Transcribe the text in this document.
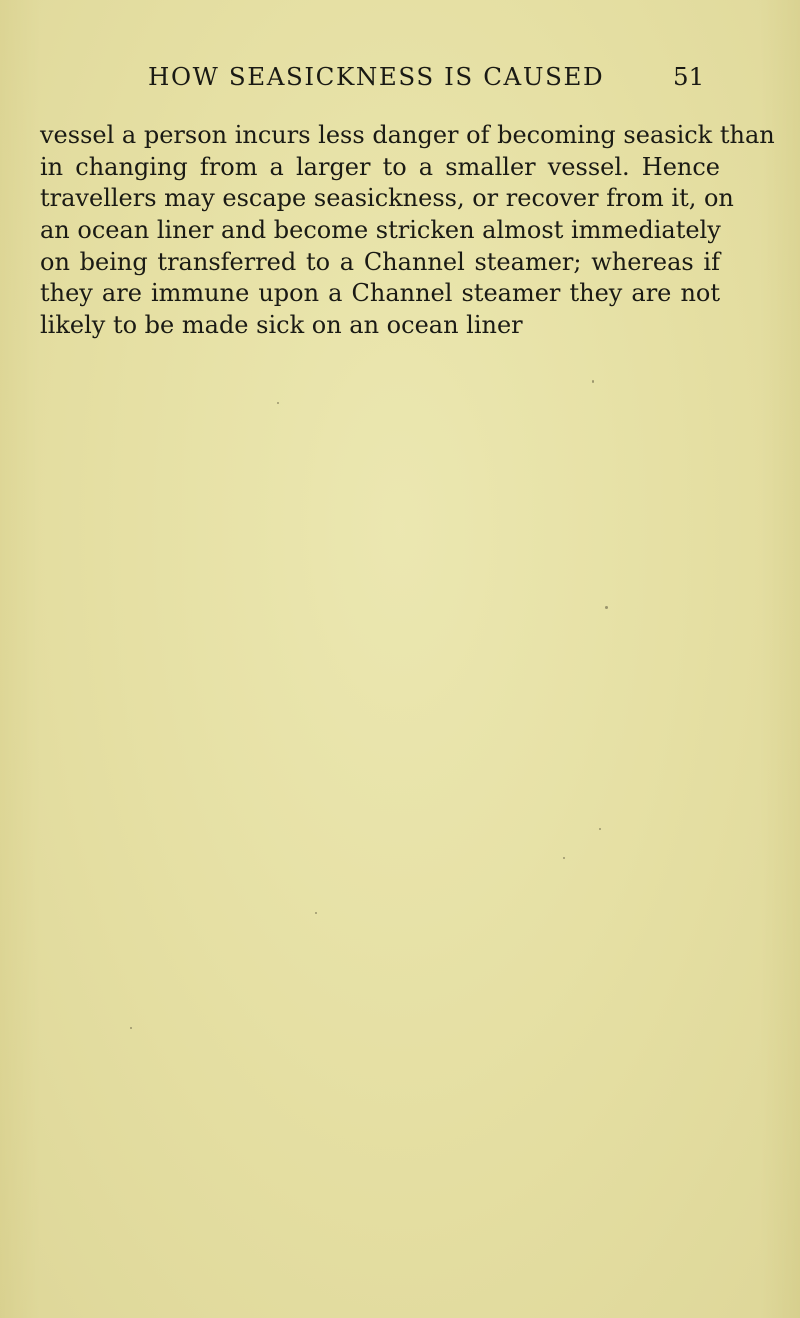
HOW SEASICKNESS IS CAUSED	51
vessel a person incurs less danger of becoming seasick than
in changing from a larger to a smaller vessel. Hence
travellers may escape seasickness, or recover from it, on
an ocean liner and become stricken almost immediately
on being transferred to a Channel steamer; whereas if
they are immune upon a Channel steamer they are not
likely to be made sick on an ocean liner
